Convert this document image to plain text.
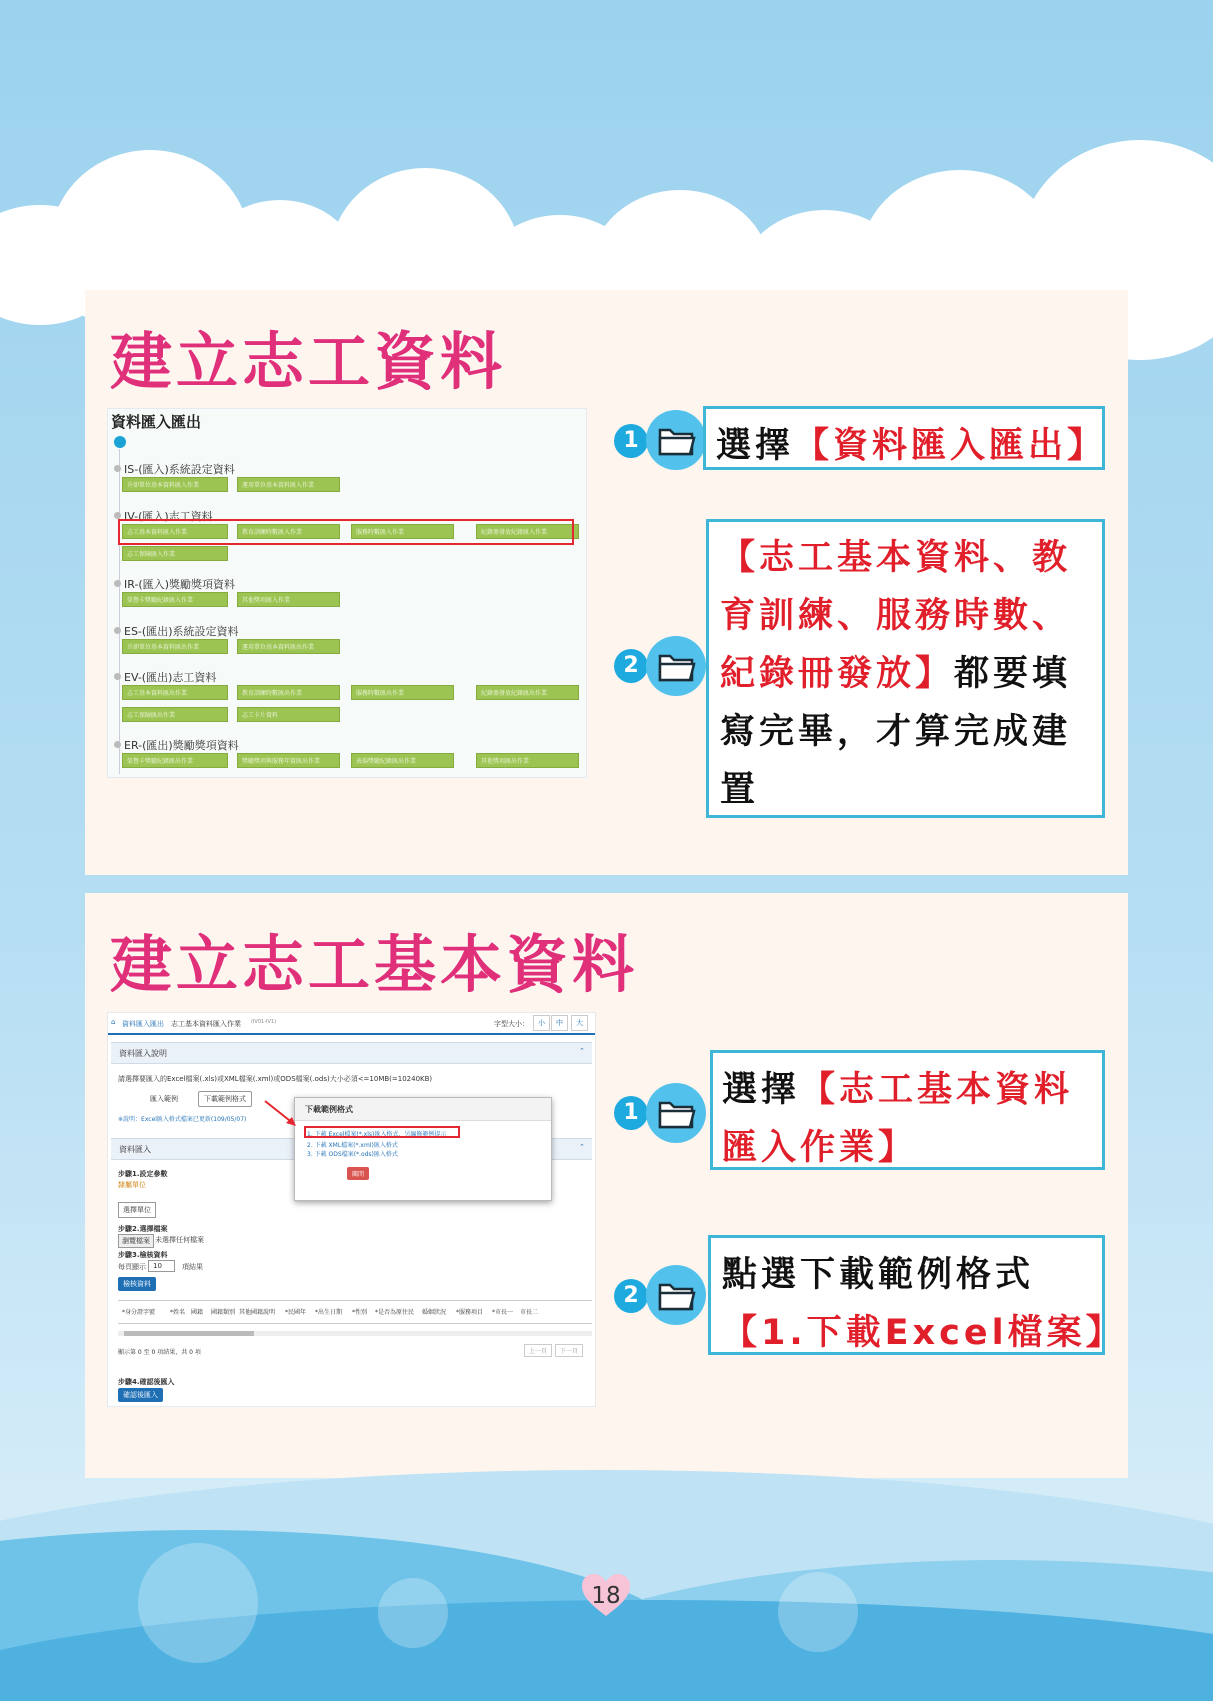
建立志工資料
資料匯入匯出
IS-(匯入)系統設定資料
升卻單位基本資料匯入作業	運用單位基本資料匯入作業
IV-(匯入)志工資料
志工基本資料匯入作業	教育訓練時數匯入作業	服務時數匯入作業	紀錄冊發放紀錄匯入作業
志工保險匯入作業
IR-(匯入)獎勵獎項資料
榮譽卡獎勵紀錄匯入作業	其他獎項匯入作業
ES-(匯出)系統設定資料
升卻單位基本資料匯出作業	運用單位基本資料匯出作業
EV-(匯出)志工資料
志工基本資料匯出作業	教育訓練時數匯出作業	服務時數匯出作業	紀錄冊發放紀錄匯出作業
志工保險匯出作業	志工卡片資料
ER-(匯出)獎勵獎項資料
榮譽卡獎勵紀錄匯出作業	獎勵獎項與服務年資匯出作業	表揚獎勵紀錄匯出作業	其他獎項匯出作業
1 選擇【資料匯入匯出】
2
【志工基本資料、教
育訓練、服務時數、
紀錄冊發放】都要填
寫完畢，才算完成建
置
建立志工基本資料
⌂ 資料匯入匯出 志工基本資料匯入作業 (IV01-IV1)	字型大小：	小	中	大
資料匯入說明	⌃
請選擇要匯入的Excel檔案(.xls)或XML檔案(.xml)或ODS檔案(.ods)大小必須<=10MB(=10240KB)
匯入範例	下載範例格式
※說明：Excel匯入格式檔案已更新(109/05/07)
資料匯入	⌃
步驟1.設定參數
隸屬單位
選擇單位
步驟2.選擇檔案
瀏覽檔案 未選擇任何檔案
步驟3.檢核資料
每頁顯示	10	項結果
檢核資料
*身分證字號 *姓名 國籍 國籍類別 其他國籍說明 *民國年 *出生日期 *性別 *是否為原住民 婚姻狀況 *服務項目 *市長一 市長二
顯示第 0 至 0 項結果，共 0 項	上一頁	下一頁
步驟4.確認後匯入
確認後匯入
下載範例格式
1. 下載 Excel檔案(*.xls)匯入格式，另編修範例提示
2. 下載 XML檔案(*.xml)匯入格式
3. 下載 ODS檔案(*.ods)匯入格式
關閉
1
選擇【志工基本資料
匯入作業】
2
點選下載範例格式
【1.下載Excel檔案】
18
